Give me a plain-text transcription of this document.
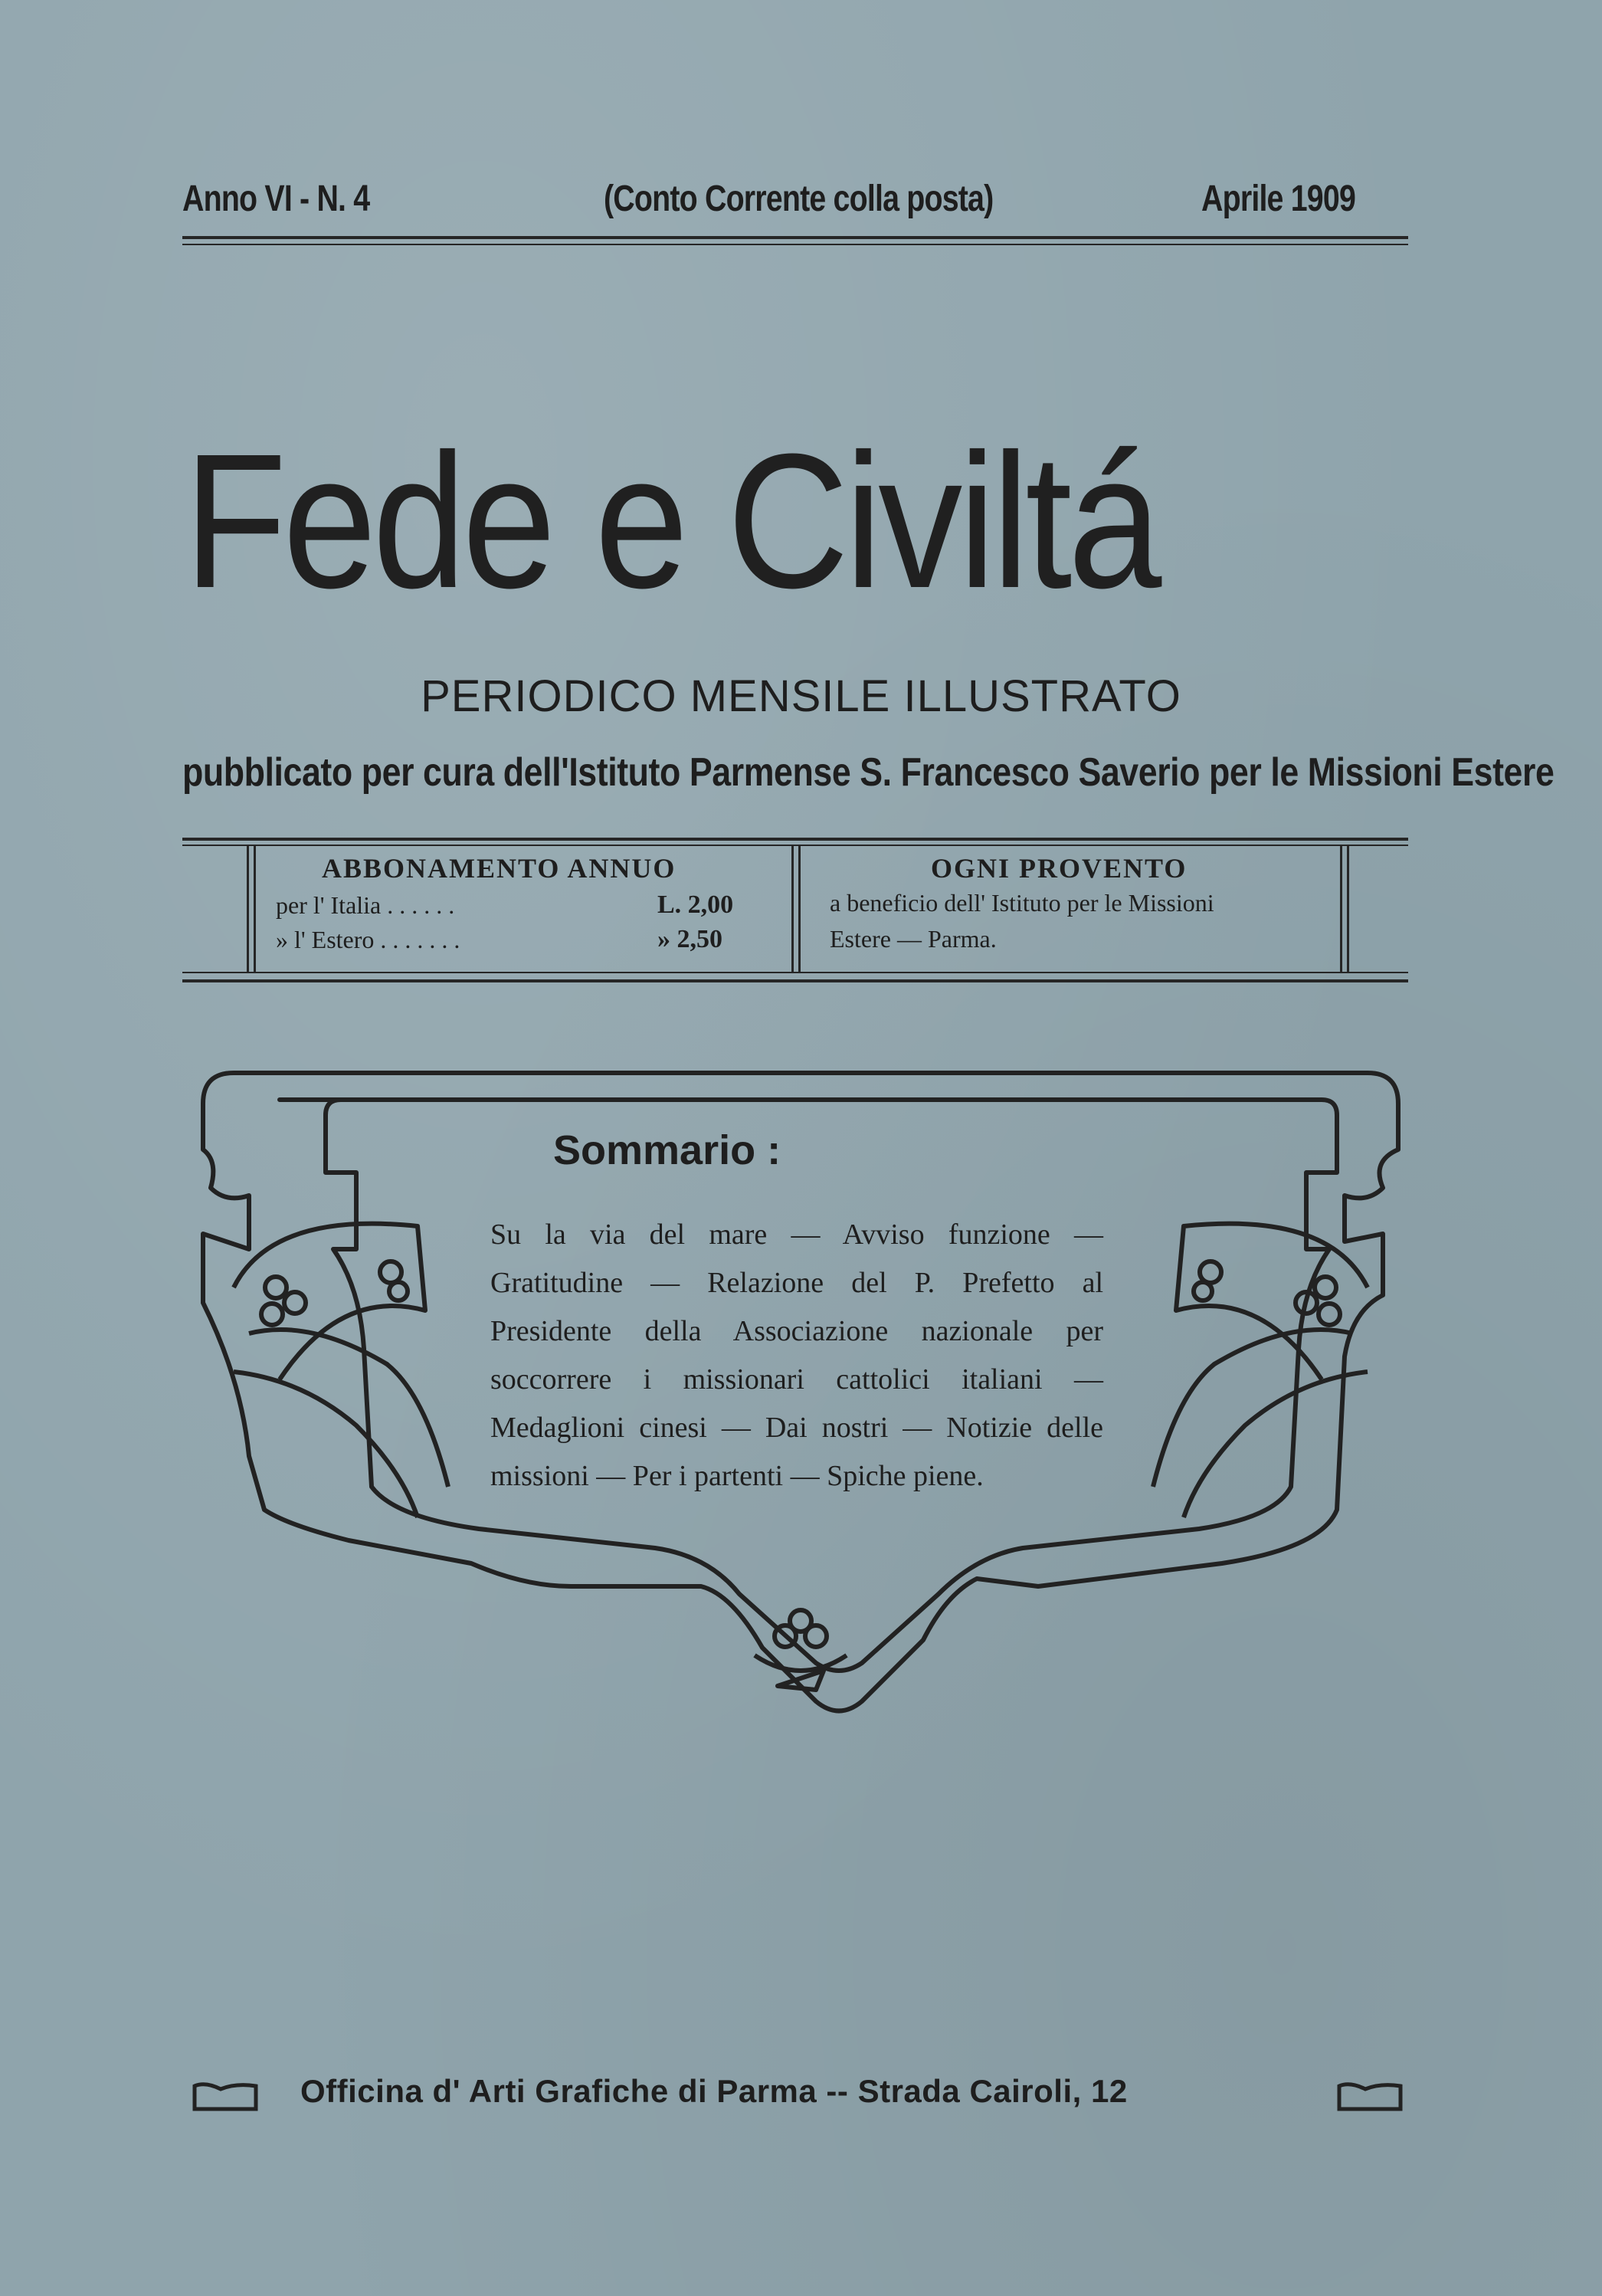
Anno VI - N. 4	(Conto Corrente colla posta)	Aprile 1909
Fede e Civiltá
PERIODICO MENSILE ILLUSTRATO
pubblicato per cura dell'Istituto Parmense S. Francesco Saverio per le Missioni Estere
ABBONAMENTO ANNUO
per l' Italia . . . . . .	L. 2,00
» l' Estero . . . . . . .	» 2,50
OGNI PROVENTO
a beneficio dell' Istituto per le Missioni
Estere — Parma.
Sommario :
Su la via del mare — Avviso funzione — Gratitudine — Relazione del P. Prefetto al Presidente della Associazione nazionale per soccorrere i missionari cattolici italiani — Medaglioni cinesi — Dai nostri — Notizie delle missioni — Per i partenti — Spiche piene.
Officina d' Arti Grafiche di Parma -- Strada Cairoli, 12
